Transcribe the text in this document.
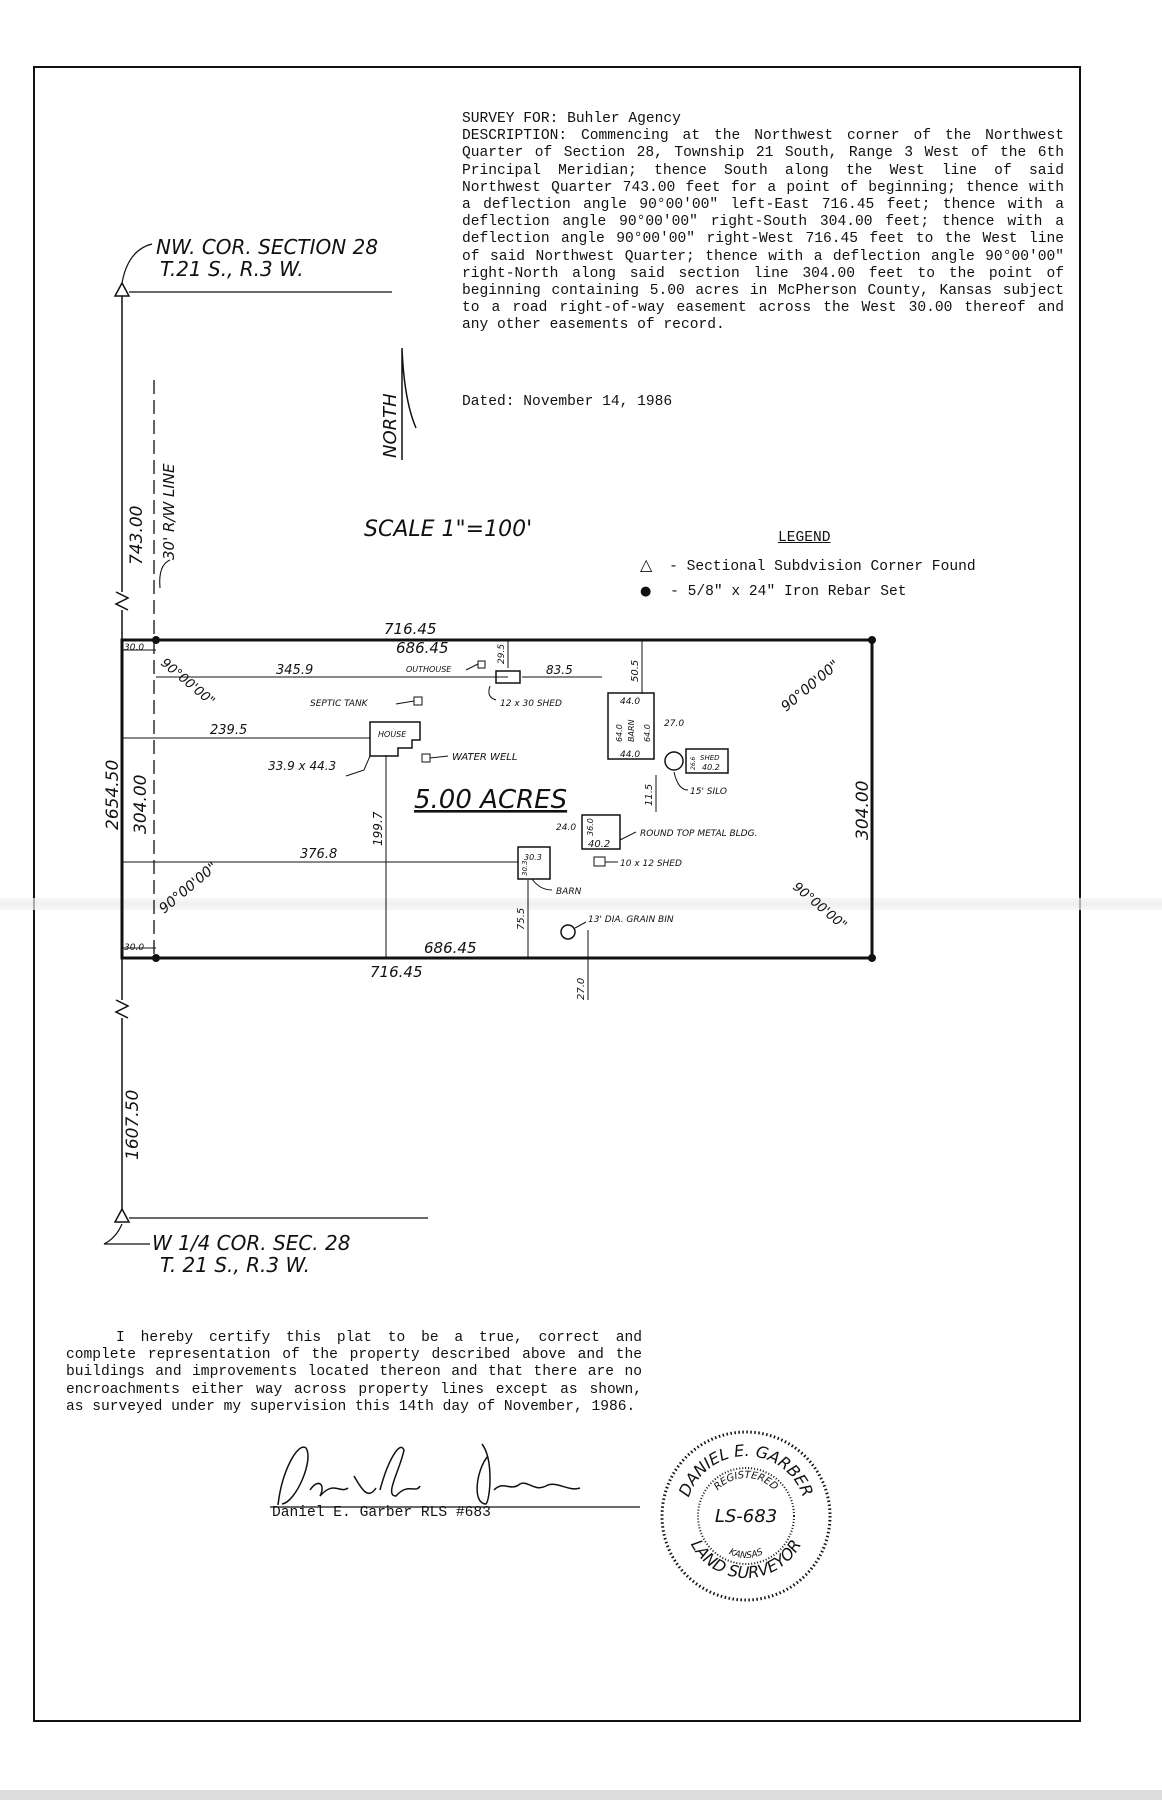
SURVEY FOR: Buhler Agency

DESCRIPTION: Commencing at the Northwest corner of the Northwest Quarter of Section 28, Township 21 South, Range 3 West of the 6th Principal Meridian; thence South along the West line of said Northwest Quarter 743.00 feet for a point of beginning; thence with a deflection angle 90°00'00" left-East 716.45 feet; thence with a deflection angle 90°00'00" right-South 304.00 feet; thence with a deflection angle 90°00'00" right-West 716.45 feet to the West line of said Northwest Quarter; thence with a deflection angle 90°00'00" right-North along said section line 304.00 feet to the point of beginning containing 5.00 acres in McPherson County, Kansas subject to a road right-of-way easement across the West 30.00 thereof and any other easements of record.

Dated: November 14, 1986
LEGEND
△ - Sectional Subdvision Corner Found
● - 5/8" x 24" Iron Rebar Set
NW. COR. SECTION 28
T.21 S., R.3 W.
W 1/4 COR. SEC. 28
T. 21 S., R.3 W.
NORTH
SCALE 1"=100'
30' R/W LINE
5.00 ACRES
743.00
2654.50 304.00	304.00
1607.50
716.45
686.45
716.45
686.45
30.0
30.0
345.9
239.5
376.8
199.7
83.5
29.5
50.5
11.5
75.5
27.0
24.0
27.0
33.9 x 44.3
90°00'00"	90°00'00"
90°00'00"	90°00'00"
OUTHOUSE
SEPTIC TANK
HOUSE
WATER WELL
12 x 30 SHED
BARN
44.0
44.0
64.0 64.0
15' SILO
SHED
40.2
26.6
ROUND TOP METAL BLDG.
40.2
36.0
10 x 12 SHED
BARN
30.3
30.3
13' DIA. GRAIN BIN

I hereby certify this plat to be a true, correct and complete representation of the property described above and the buildings and improvements located thereon and that there are no encroachments either way across property lines except as shown, as surveyed under my supervision this 14th day of November, 1986.

Daniel E. Garber RLS #683
DANIEL E. GARBER
REGISTERED
LS-683
KANSAS
LAND SURVEYOR
